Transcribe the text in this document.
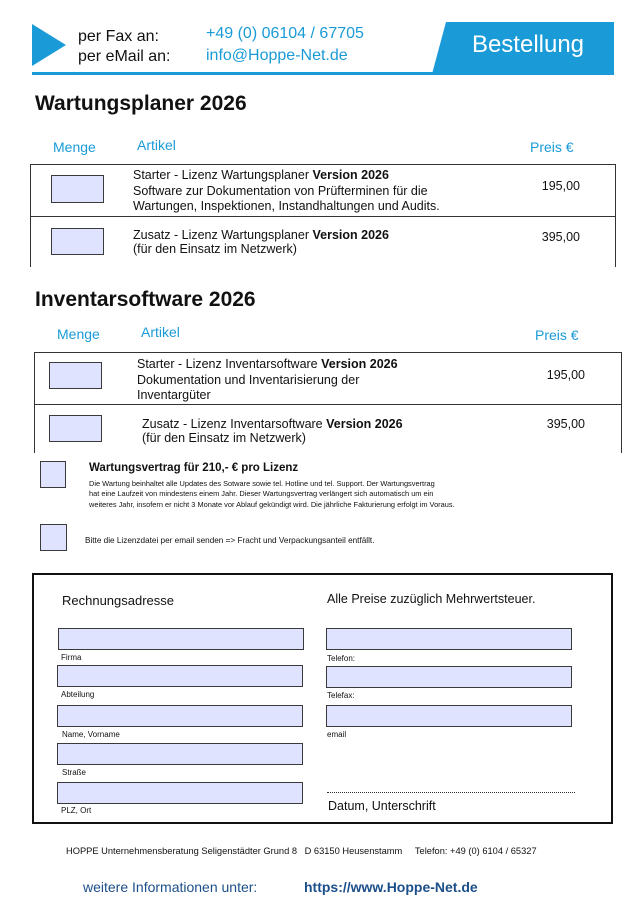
per Fax an:
per eMail an:
+49 (0) 06104 / 67705
info@Hoppe-Net.de	Bestellung
Wartungsplaner 2026
Menge	Artikel	Preis €
Starter - Lizenz Wartungsplaner Version 2026
Software zur Dokumentation von Prüfterminen für die
Wartungen, Inspektionen, Instandhaltungen und Audits.
195,00
Zusatz - Lizenz Wartungsplaner Version 2026
(für den Einsatz im Netzwerk)
395,00
Inventarsoftware 2026
Menge	Artikel	Preis €
Starter - Lizenz Inventarsoftware Version 2026
Dokumentation und Inventarisierung der
Inventargüter
195,00
Zusatz - Lizenz Inventarsoftware Version 2026
(für den Einsatz im Netzwerk)
395,00
Wartungsvertrag für 210,- € pro Lizenz
Die Wartung beinhaltet alle Updates des Sotware sowie tel. Hotline und tel. Support. Der Wartungsvertrag
hat eine Laufzeit von mindestens einem Jahr. Dieser Wartungsvertrag verlängert sich automatisch um ein
weiteres Jahr, insofern er nicht 3 Monate vor Ablauf gekündigt wird. Die jährliche Fakturierung erfolgt im Voraus.
Bitte die Lizenzdatei per email senden => Fracht und Verpackungsanteil entfällt.
Rechnungsadresse	Alle Preise zuzüglich Mehrwertsteuer.
Firma
Abteilung
Name, Vorname
Straße
PLZ, Ort
Telefon:
Telefax:
email
Datum, Unterschrift
HOPPE Unternehmensberatung Seligenstädter Grund 8 D 63150 Heusenstamm Telefon: +49 (0) 6104 / 65327
weitere Informationen unter:	https://www.Hoppe-Net.de
